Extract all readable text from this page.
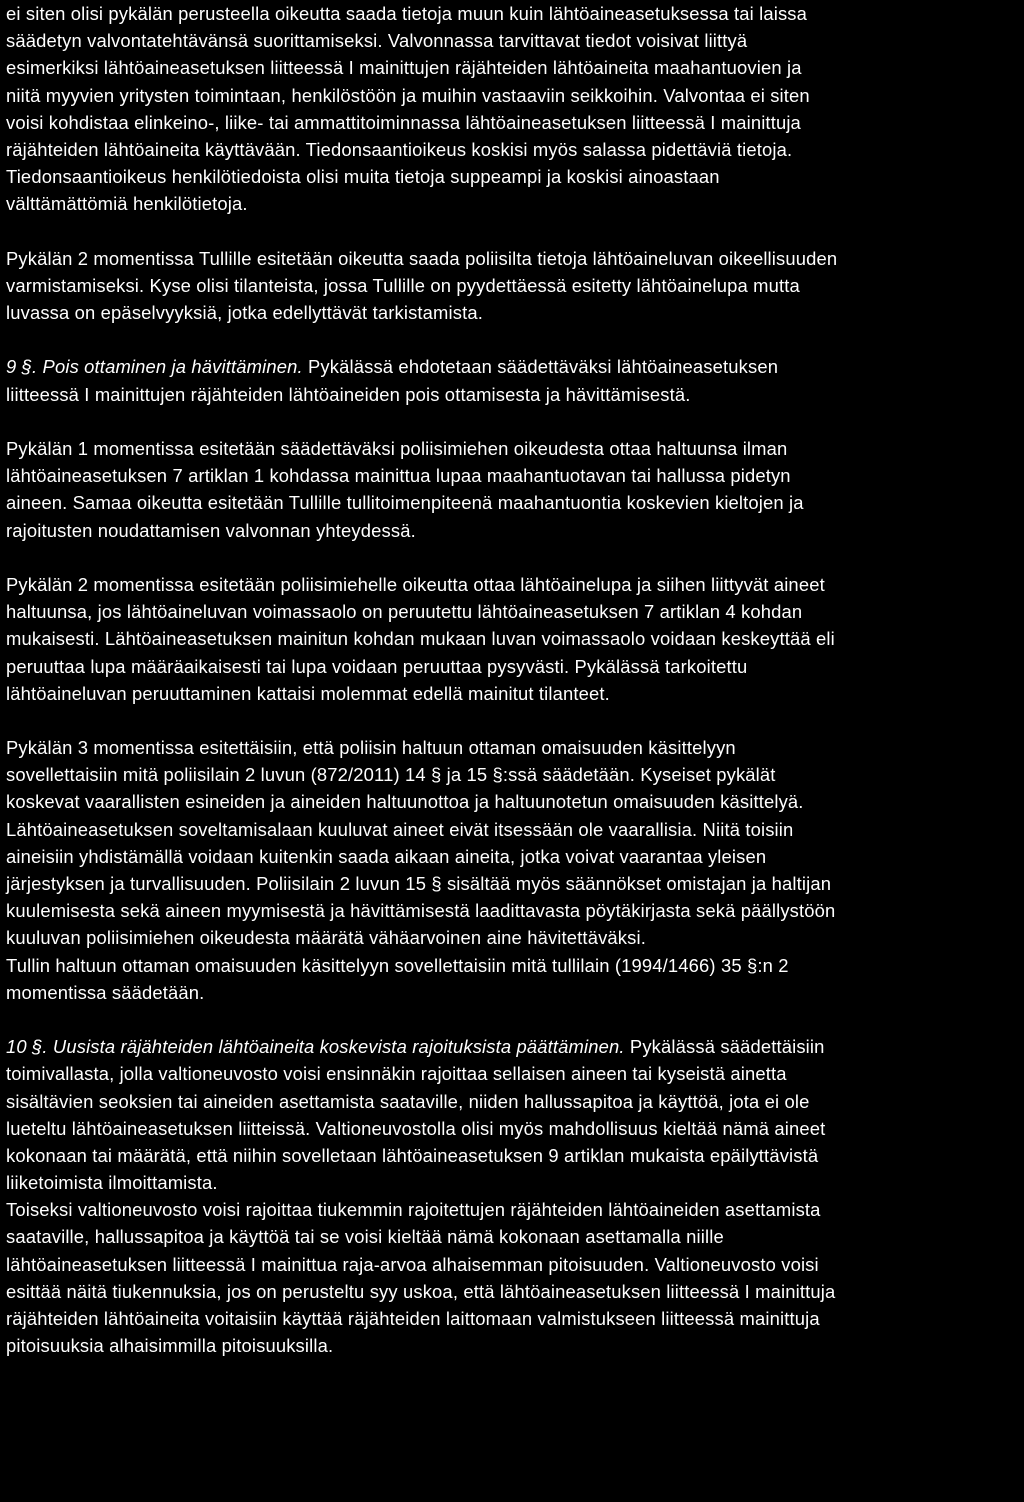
ei siten olisi pykälän perusteella oikeutta saada tietoja muun kuin lähtöaineasetuksessa tai laissa
säädetyn valvontatehtävänsä suorittamiseksi. Valvonnassa tarvittavat tiedot voisivat liittyä
esimerkiksi lähtöaineasetuksen liitteessä I mainittujen räjähteiden lähtöaineita maahantuovien ja
niitä myyvien yritysten toimintaan, henkilöstöön ja muihin vastaaviin seikkoihin. Valvontaa ei siten
voisi kohdistaa elinkeino-, liike- tai ammattitoiminnassa lähtöaineasetuksen liitteessä I mainittuja
räjähteiden lähtöaineita käyttävään. Tiedonsaantioikeus koskisi myös salassa pidettäviä tietoja.
Tiedonsaantioikeus henkilötiedoista olisi muita tietoja suppeampi ja koskisi ainoastaan
välttämättömiä henkilötietoja.
Pykälän 2 momentissa Tullille esitetään oikeutta saada poliisilta tietoja lähtöaineluvan oikeellisuuden
varmistamiseksi. Kyse olisi tilanteista, jossa Tullille on pyydettäessä esitetty lähtöainelupa mutta
luvassa on epäselvyyksiä, jotka edellyttävät tarkistamista.
9 §. Pois ottaminen ja hävittäminen. Pykälässä ehdotetaan säädettäväksi lähtöaineasetuksen
liitteessä I mainittujen räjähteiden lähtöaineiden pois ottamisesta ja hävittämisestä.
Pykälän 1 momentissa esitetään säädettäväksi poliisimiehen oikeudesta ottaa haltuunsa ilman
lähtöaineasetuksen 7 artiklan 1 kohdassa mainittua lupaa maahantuotavan tai hallussa pidetyn
aineen. Samaa oikeutta esitetään Tullille tullitoimenpiteenä maahantuontia koskevien kieltojen ja
rajoitusten noudattamisen valvonnan yhteydessä.
Pykälän 2 momentissa esitetään poliisimiehelle oikeutta ottaa lähtöainelupa ja siihen liittyvät aineet
haltuunsa, jos lähtöaineluvan voimassaolo on peruutettu lähtöaineasetuksen 7 artiklan 4 kohdan
mukaisesti. Lähtöaineasetuksen mainitun kohdan mukaan luvan voimassaolo voidaan keskeyttää eli
peruuttaa lupa määräaikaisesti tai lupa voidaan peruuttaa pysyvästi. Pykälässä tarkoitettu
lähtöaineluvan peruuttaminen kattaisi molemmat edellä mainitut tilanteet.
Pykälän 3 momentissa esitettäisiin, että poliisin haltuun ottaman omaisuuden käsittelyyn
sovellettaisiin mitä poliisilain 2 luvun (872/2011) 14 § ja 15 §:ssä säädetään. Kyseiset pykälät
koskevat vaarallisten esineiden ja aineiden haltuunottoa ja haltuunotetun omaisuuden käsittelyä.
Lähtöaineasetuksen soveltamisalaan kuuluvat aineet eivät itsessään ole vaarallisia. Niitä toisiin
aineisiin yhdistämällä voidaan kuitenkin saada aikaan aineita, jotka voivat vaarantaa yleisen
järjestyksen ja turvallisuuden. Poliisilain 2 luvun 15 § sisältää myös säännökset omistajan ja haltijan
kuulemisesta sekä aineen myymisestä ja hävittämisestä laadittavasta pöytäkirjasta sekä päällystöön
kuuluvan poliisimiehen oikeudesta määrätä vähäarvoinen aine hävitettäväksi.
Tullin haltuun ottaman omaisuuden käsittelyyn sovellettaisiin mitä tullilain (1994/1466) 35 §:n 2
momentissa säädetään.
10 §. Uusista räjähteiden lähtöaineita koskevista rajoituksista päättäminen. Pykälässä säädettäisiin
toimivallasta, jolla valtioneuvosto voisi ensinnäkin rajoittaa sellaisen aineen tai kyseistä ainetta
sisältävien seoksien tai aineiden asettamista saataville, niiden hallussapitoa ja käyttöä, jota ei ole
lueteltu lähtöaineasetuksen liitteissä. Valtioneuvostolla olisi myös mahdollisuus kieltää nämä aineet
kokonaan tai määrätä, että niihin sovelletaan lähtöaineasetuksen 9 artiklan mukaista epäilyttävistä
liiketoimista ilmoittamista.
Toiseksi valtioneuvosto voisi rajoittaa tiukemmin rajoitettujen räjähteiden lähtöaineiden asettamista
saataville, hallussapitoa ja käyttöä tai se voisi kieltää nämä kokonaan asettamalla niille
lähtöaineasetuksen liitteessä I mainittua raja-arvoa alhaisemman pitoisuuden. Valtioneuvosto voisi
esittää näitä tiukennuksia, jos on perusteltu syy uskoa, että lähtöaineasetuksen liitteessä I mainittuja
räjähteiden lähtöaineita voitaisiin käyttää räjähteiden laittomaan valmistukseen liitteessä mainittuja
pitoisuuksia alhaisimmilla pitoisuuksilla.
